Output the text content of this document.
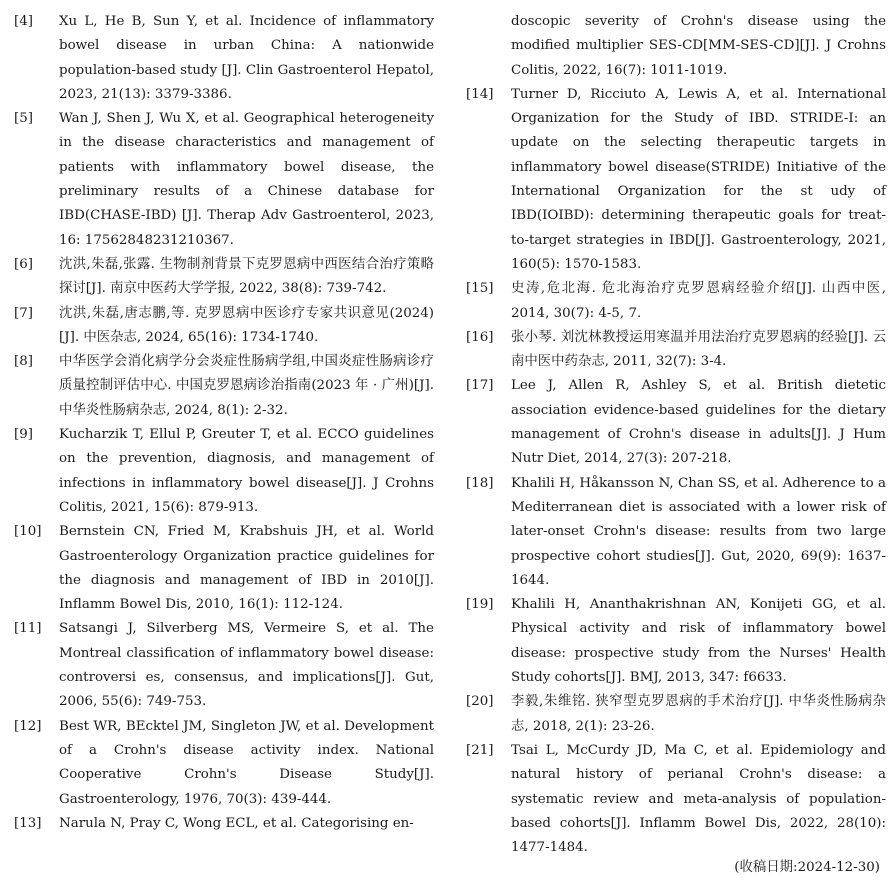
[4] Xu L, He B, Sun Y, et al. Incidence of inflammatory bowel disease in urban China: A nationwide population-based study [J]. Clin Gastroenterol Hepatol, 2023, 21(13): 3379-3386.
[5] Wan J, Shen J, Wu X, et al. Geographical heterogeneity in the disease characteristics and management of patients with inflammatory bowel disease, the preliminary results of a Chinese database for IBD(CHASE-IBD) [J]. Therap Adv Gastroenterol, 2023, 16: 17562848231210367.
[6] 沈洪,朱磊,张露. 生物制剂背景下克罗恩病中西医结合治疗策略探讨[J]. 南京中医药大学学报, 2022, 38(8): 739-742.
[7] 沈洪,朱磊,唐志鹏,等. 克罗恩病中医诊疗专家共识意见(2024)[J]. 中医杂志, 2024, 65(16): 1734-1740.
[8] 中华医学会消化病学分会炎症性肠病学组,中国炎症性肠病诊疗质量控制评估中心. 中国克罗恩病诊治指南(2023 年 · 广州)[J]. 中华炎性肠病杂志, 2024, 8(1): 2-32.
[9] Kucharzik T, Ellul P, Greuter T, et al. ECCO guidelines on the prevention, diagnosis, and management of infections in inflammatory bowel disease[J]. J Crohns Colitis, 2021, 15(6): 879-913.
[10] Bernstein CN, Fried M, Krabshuis JH, et al. World Gastroenterology Organization practice guidelines for the diagnosis and management of IBD in 2010[J]. Inflamm Bowel Dis, 2010, 16(1): 112-124.
[11] Satsangi J, Silverberg MS, Vermeire S, et al. The Montreal classification of inflammatory bowel disease: controversi es, consensus, and implications[J]. Gut, 2006, 55(6): 749-753.
[12] Best WR, BEcktel JM, Singleton JW, et al. Development of a Crohn's disease activity index. National Cooperative Crohn's Disease Study[J]. Gastroenterology, 1976, 70(3): 439-444.
[13] Narula N, Pray C, Wong ECL, et al. Categorising en-
doscopic severity of Crohn's disease using the modified multiplier SES-CD[MM-SES-CD][J]. J Crohns Colitis, 2022, 16(7): 1011-1019.
[14] Turner D, Ricciuto A, Lewis A, et al. International Organization for the Study of IBD. STRIDE-I: an update on the selecting therapeutic targets in inflammatory bowel disease(STRIDE) Initiative of the International Organization for the st udy of IBD(IOIBD): determining therapeutic goals for treat-to-target strategies in IBD[J]. Gastroenterology, 2021, 160(5): 1570-1583.
[15] 史涛,危北海. 危北海治疗克罗恩病经验介绍[J]. 山西中医, 2014, 30(7): 4-5, 7.
[16] 张小琴. 刘沈林教授运用寒温并用法治疗克罗恩病的经验[J]. 云南中医中药杂志, 2011, 32(7): 3-4.
[17] Lee J, Allen R, Ashley S, et al. British dietetic association evidence-based guidelines for the dietary management of Crohn's disease in adults[J]. J Hum Nutr Diet, 2014, 27(3): 207-218.
[18] Khalili H, Håkansson N, Chan SS, et al. Adherence to a Mediterranean diet is associated with a lower risk of later-onset Crohn's disease: results from two large prospective cohort studies[J]. Gut, 2020, 69(9): 1637-1644.
[19] Khalili H, Ananthakrishnan AN, Konijeti GG, et al. Physical activity and risk of inflammatory bowel disease: prospective study from the Nurses' Health Study cohorts[J]. BMJ, 2013, 347: f6633.
[20] 李毅,朱维铭. 狭窄型克罗恩病的手术治疗[J]. 中华炎性肠病杂志, 2018, 2(1): 23-26.
[21] Tsai L, McCurdy JD, Ma C, et al. Epidemiology and natural history of perianal Crohn's disease: a systematic review and meta-analysis of population-based cohorts[J]. Inflamm Bowel Dis, 2022, 28(10): 1477-1484.
(收稿日期:2024-12-30)
